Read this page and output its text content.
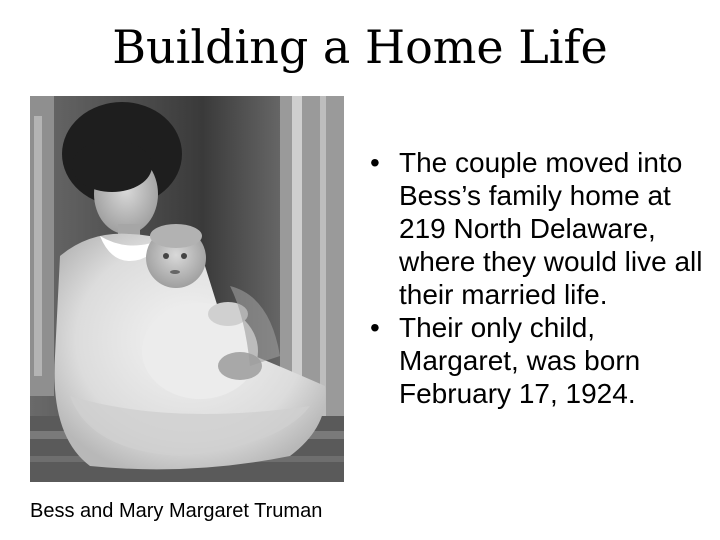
Building a Home Life
Bess and Mary Margaret Truman
• The couple moved into Bess’s family home at 219 North Delaware, where they would live all their married life.
• Their only child, Margaret, was born February 17, 1924.
